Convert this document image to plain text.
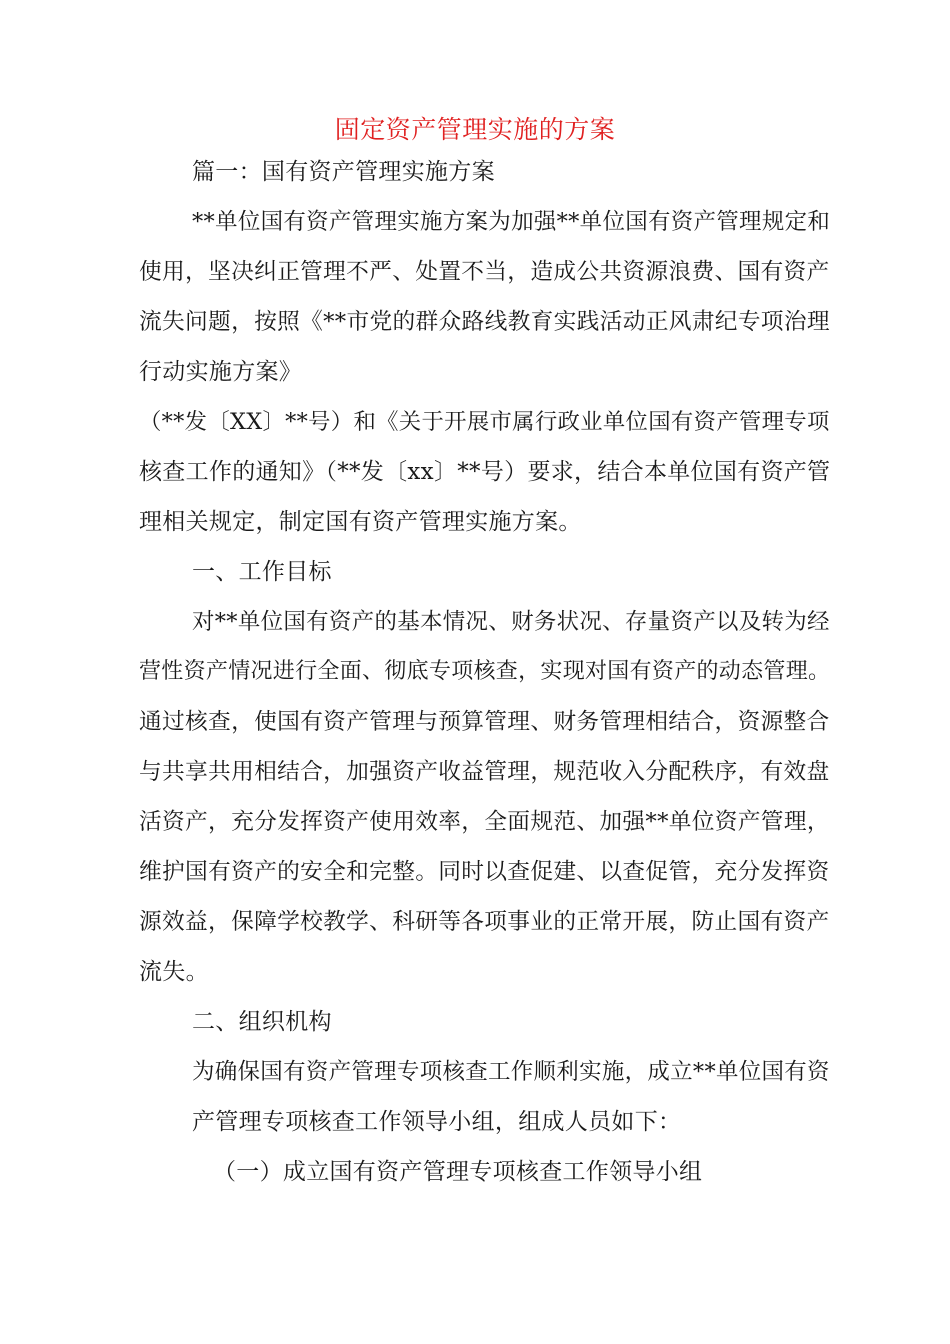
固定资产管理实施的方案

篇一：国有资产管理实施方案

**单位国有资产管理实施方案为加强**单位国有资产管理规定和

使用，坚决纠正管理不严、处置不当，造成公共资源浪费、国有资产

流失问题，按照《**市党的群众路线教育实践活动正风肃纪专项治理

行动实施方案》

（**发〔XX〕**号）和《关于开展市属行政业单位国有资产管理专项

核查工作的通知》（**发〔xx〕**号）要求，结合本单位国有资产管

理相关规定，制定国有资产管理实施方案。

一、工作目标

对**单位国有资产的基本情况、财务状况、存量资产以及转为经

营性资产情况进行全面、彻底专项核查，实现对国有资产的动态管理。

通过核查，使国有资产管理与预算管理、财务管理相结合，资源整合

与共享共用相结合，加强资产收益管理，规范收入分配秩序，有效盘

活资产，充分发挥资产使用效率，全面规范、加强**单位资产管理，

维护国有资产的安全和完整。同时以查促建、以查促管，充分发挥资

源效益，保障学校教学、科研等各项事业的正常开展，防止国有资产

流失。

二、组织机构

为确保国有资产管理专项核查工作顺利实施，成立**单位国有资

产管理专项核查工作领导小组，组成人员如下：

（一）成立国有资产管理专项核查工作领导小组
